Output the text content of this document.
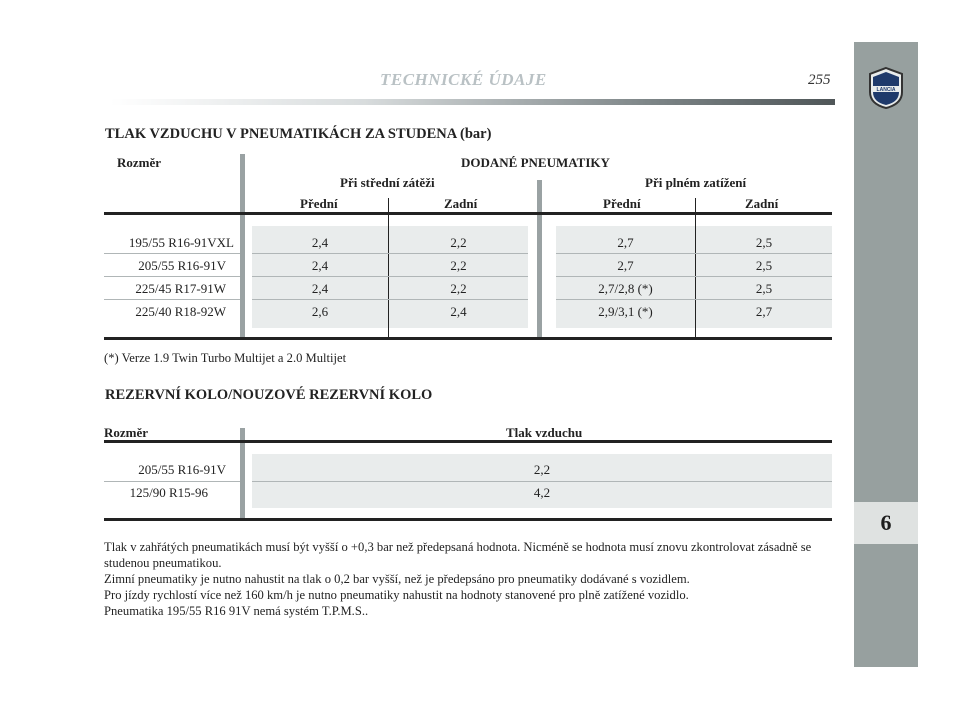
LANCIA
6
TECHNICKÉ ÚDAJE	255
TLAK VZDUCHU V PNEUMATIKÁCH ZA STUDENA (bar)
Rozměr	DODANÉ PNEUMATIKY
Při střední zátěži	Při plném zatížení
Přední	Zadní	Přední	Zadní
195/55 R16-91VXL	2,4	2,2	2,7	2,5
205/55 R16-91V	2,4	2,2	2,7	2,5
225/45 R17-91W	2,4	2,2	2,7/2,8 (*)	2,5
225/40 R18-92W	2,6	2,4	2,9/3,1 (*)	2,7
(*) Verze 1.9 Twin Turbo Multijet a 2.0 Multijet
REZERVNÍ KOLO/NOUZOVÉ REZERVNÍ KOLO
Rozměr	Tlak vzduchu
205/55 R16-91V	2,2
125/90 R15-96	4,2
Tlak v zahřátých pneumatikách musí být vyšší o +0,3 bar než předepsaná hodnota. Nicméně se hodnota musí znovu zkontrolovat zásadně se studenou pneumatikou.
Zimní pneumatiky je nutno nahustit na tlak o 0,2 bar vyšší, než je předepsáno pro pneumatiky dodávané s vozidlem.
Pro jízdy rychlostí více než 160 km/h je nutno pneumatiky nahustit na hodnoty stanovené pro plně zatížené vozidlo.
Pneumatika 195/55 R16 91V nemá systém T.P.M.S..
